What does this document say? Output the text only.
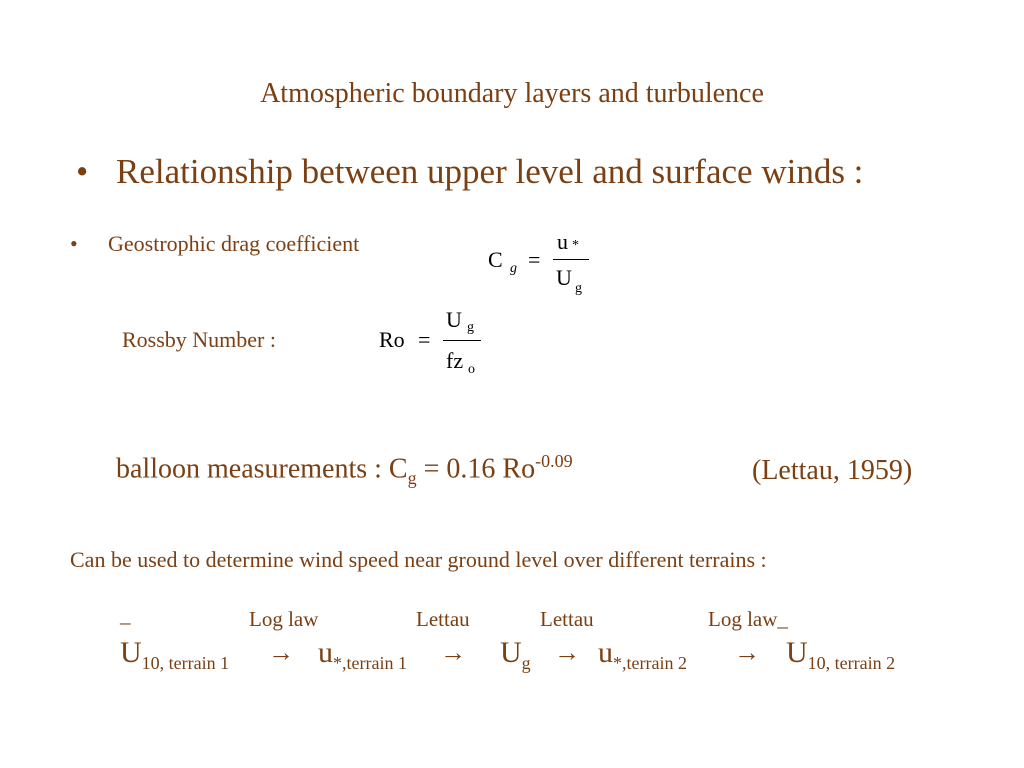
Atmospheric boundary layers and turbulence
• Relationship between upper level and surface winds :
• Geostrophic drag coefficient
C g =
u *
U g
Rossby Number :	Ro =
U g
fz o
balloon measurements : $C_g = 0.16$ $Ro^{-0.09}$	(Lettau, 1959)
Can be used to determine wind speed near ground level over different terrains :
_	Log law	Lettau	Lettau	Log law_
$U_{10, terrain 1} \to u_{*,terrain 1} \to U_g \to u_{*,terrain 2} \to U_{10, terrain 2}$
